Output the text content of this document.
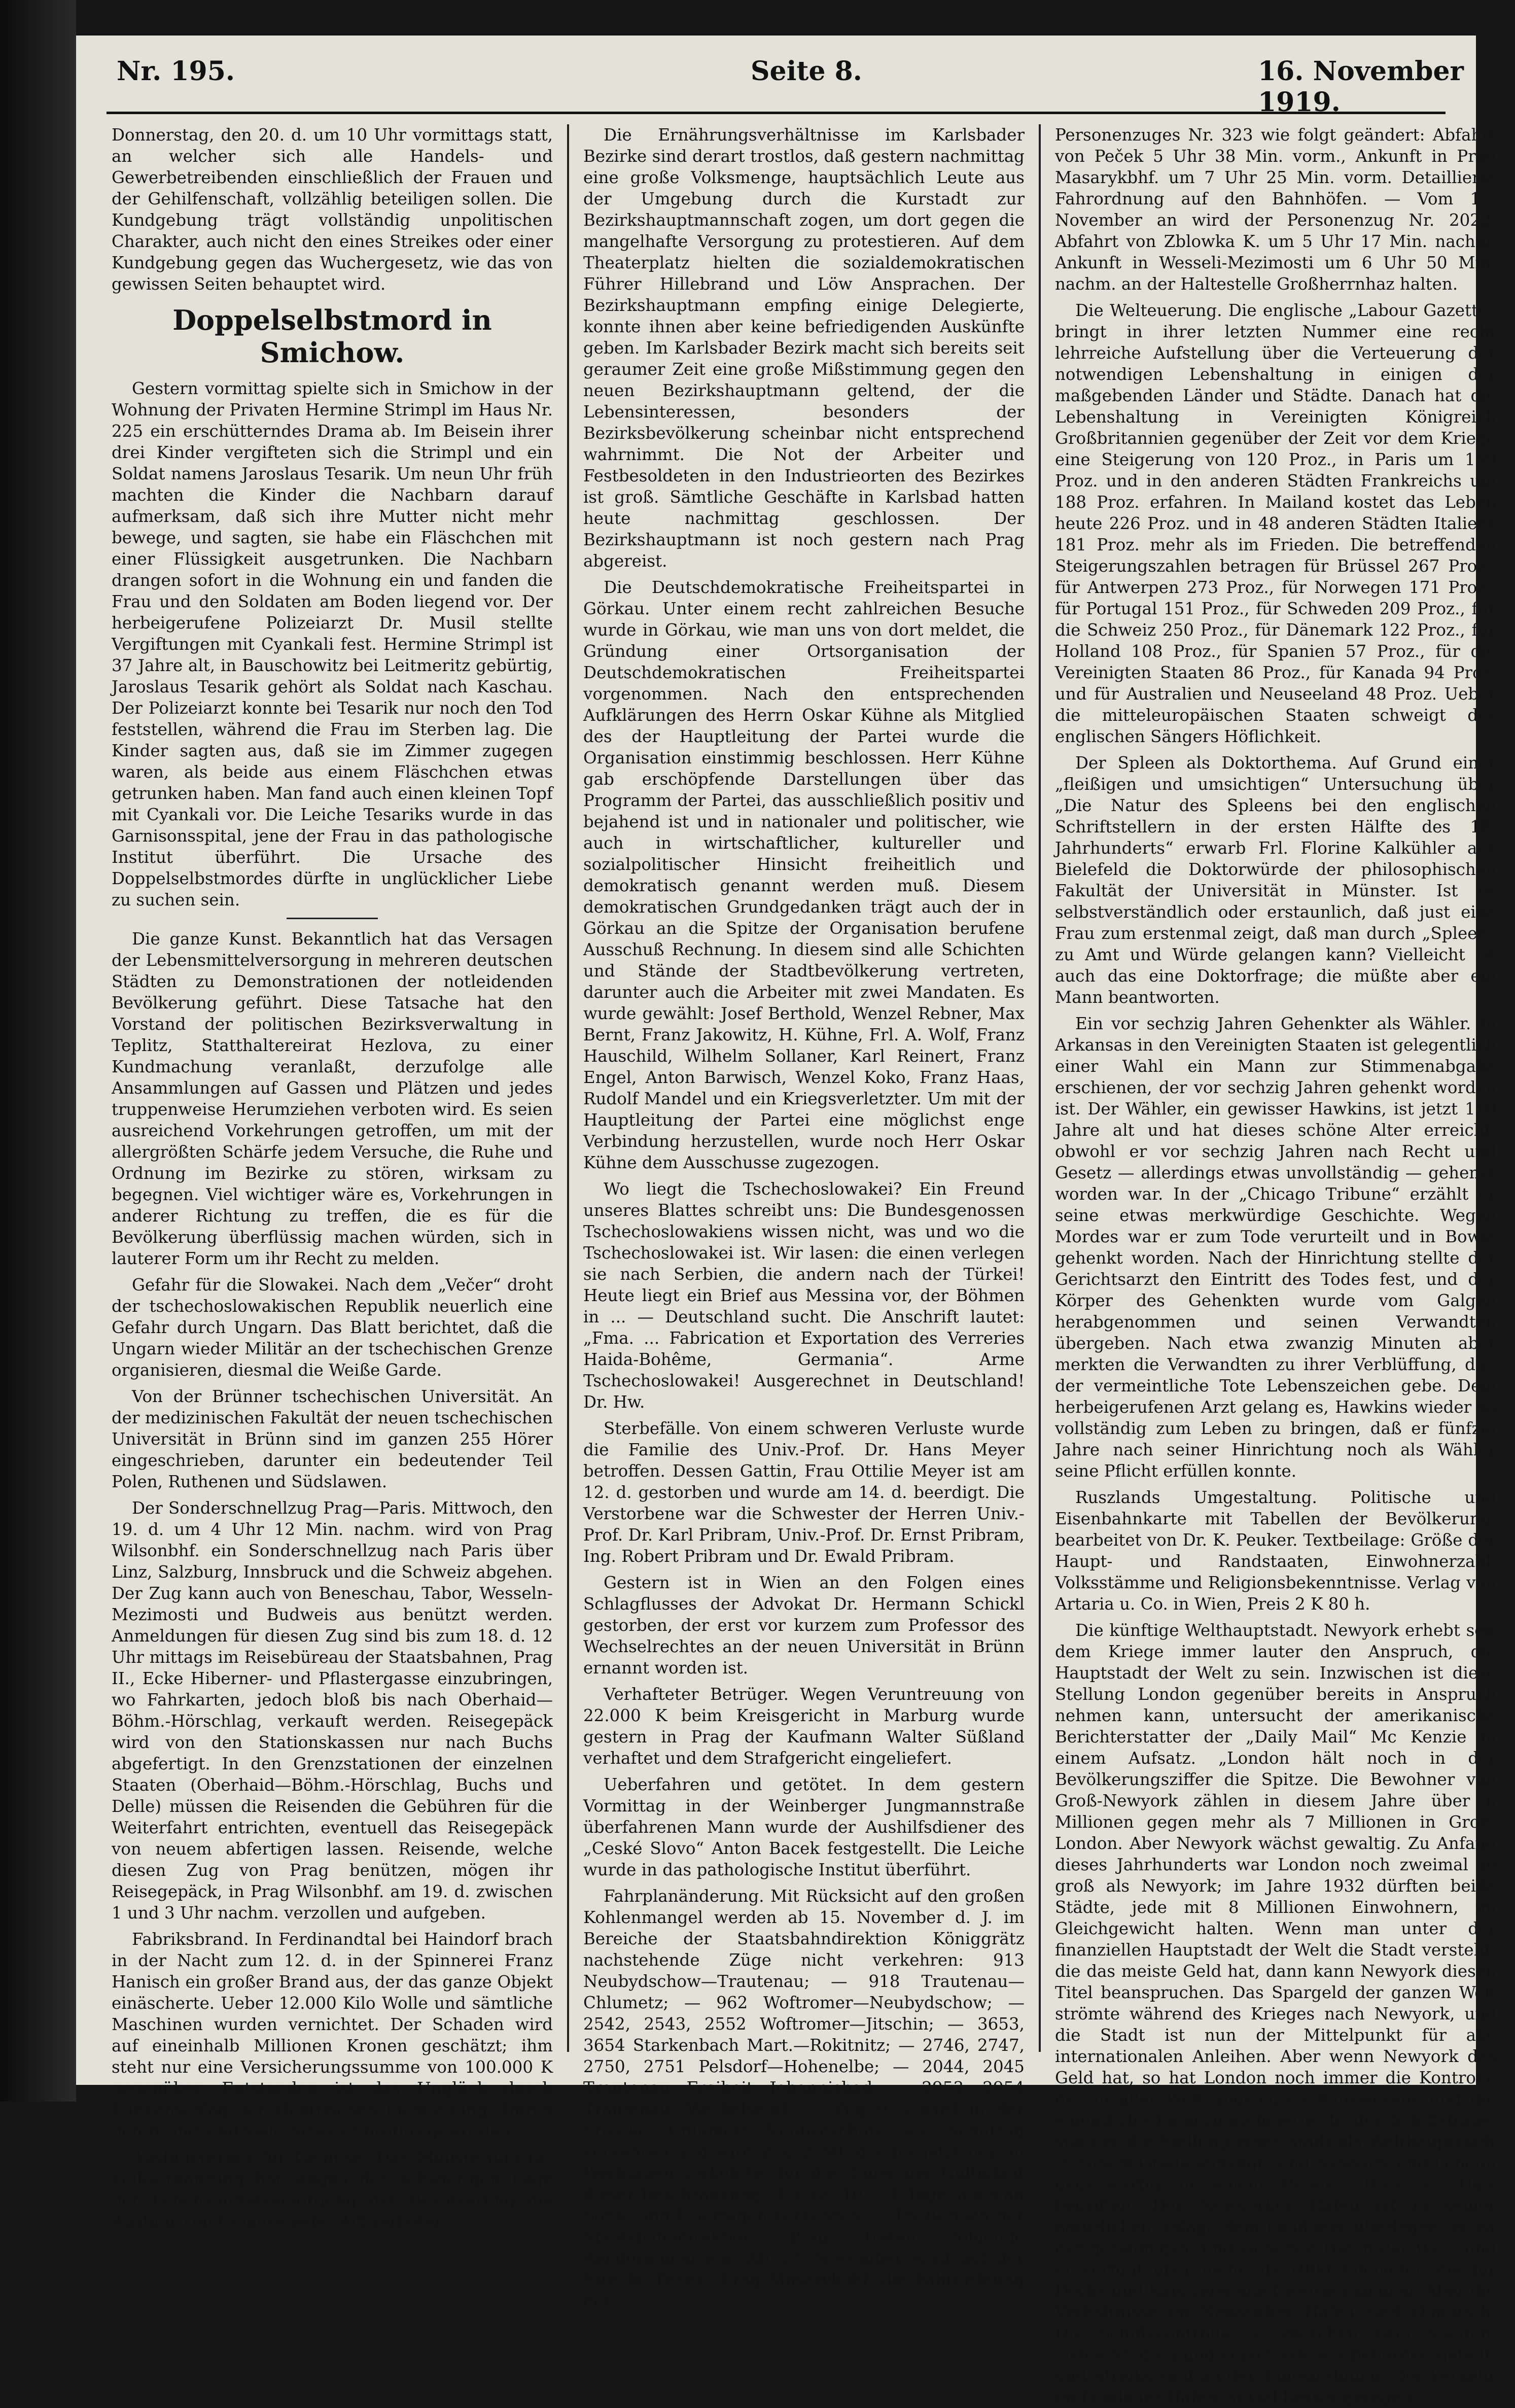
Nr. 195.	Seite 8.	16. November 1919.

Donnerstag, den 20. d. um 10 Uhr vormittags statt, an welcher sich alle Handels- und Gewerbetreibenden einschließlich der Frauen und der Gehilfenschaft, vollzählig beteiligen sollen. Die Kundgebung trägt vollständig unpolitischen Charakter, auch nicht den eines Streikes oder einer Kundgebung gegen das Wuchergesetz, wie das von gewissen Seiten behauptet wird.

Doppelselbstmord in Smichow.

Gestern vormittag spielte sich in Smichow in der Wohnung der Privaten Hermine Strimpl im Haus Nr. 225 ein erschütterndes Drama ab. Im Beisein ihrer drei Kinder vergifteten sich die Strimpl und ein Soldat namens Jaroslaus Tesarik. Um neun Uhr früh machten die Kinder die Nachbarn darauf aufmerksam, daß sich ihre Mutter nicht mehr bewege, und sagten, sie habe ein Fläschchen mit einer Flüssigkeit ausgetrunken. Die Nachbarn drangen sofort in die Wohnung ein und fanden die Frau und den Soldaten am Boden liegend vor. Der herbeigerufene Polizeiarzt Dr. Musil stellte Vergiftungen mit Cyankali fest. Hermine Strimpl ist 37 Jahre alt, in Bauschowitz bei Leitmeritz gebürtig, Jaroslaus Tesarik gehört als Soldat nach Kaschau. Der Polizeiarzt konnte bei Tesarik nur noch den Tod feststellen, während die Frau im Sterben lag. Die Kinder sagten aus, daß sie im Zimmer zugegen waren, als beide aus einem Fläschchen etwas getrunken haben. Man fand auch einen kleinen Topf mit Cyankali vor. Die Leiche Tesariks wurde in das Garnisonsspital, jene der Frau in das pathologische Institut überführt. Die Ursache des Doppelselbstmordes dürfte in unglücklicher Liebe zu suchen sein.

Die ganze Kunst. Bekanntlich hat das Versagen der Lebensmittelversorgung in mehreren deutschen Städten zu Demonstrationen der notleidenden Bevölkerung geführt. Diese Tatsache hat den Vorstand der politischen Bezirksverwaltung in Teplitz, Statthaltereirat Hezlova, zu einer Kundmachung veranlaßt, derzufolge alle Ansammlungen auf Gassen und Plätzen und jedes truppenweise Herumziehen verboten wird. Es seien ausreichend Vorkehrungen getroffen, um mit der allergrößten Schärfe jedem Versuche, die Ruhe und Ordnung im Bezirke zu stören, wirksam zu begegnen. Viel wichtiger wäre es, Vorkehrungen in anderer Richtung zu treffen, die es für die Bevölkerung überflüssig machen würden, sich in lauterer Form um ihr Recht zu melden.

Gefahr für die Slowakei. Nach dem „Večer“ droht der tschechoslowakischen Republik neuerlich eine Gefahr durch Ungarn. Das Blatt berichtet, daß die Ungarn wieder Militär an der tschechischen Grenze organisieren, diesmal die Weiße Garde.

Von der Brünner tschechischen Universität. An der medizinischen Fakultät der neuen tschechischen Universität in Brünn sind im ganzen 255 Hörer eingeschrieben, darunter ein bedeutender Teil Polen, Ruthenen und Südslawen.

Der Sonderschnellzug Prag—Paris. Mittwoch, den 19. d. um 4 Uhr 12 Min. nachm. wird von Prag Wilsonbhf. ein Sonderschnellzug nach Paris über Linz, Salzburg, Innsbruck und die Schweiz abgehen. Der Zug kann auch von Beneschau, Tabor, Wesseln-Mezimosti und Budweis aus benützt werden. Anmeldungen für diesen Zug sind bis zum 18. d. 12 Uhr mittags im Reisebüreau der Staatsbahnen, Prag II., Ecke Hiberner- und Pflastergasse einzubringen, wo Fahrkarten, jedoch bloß bis nach Oberhaid—Böhm.-Hörschlag, verkauft werden. Reisegepäck wird von den Stationskassen nur nach Buchs abgefertigt. In den Grenzstationen der einzelnen Staaten (Oberhaid—Böhm.-Hörschlag, Buchs und Delle) müssen die Reisenden die Gebühren für die Weiterfahrt entrichten, eventuell das Reisegepäck von neuem abfertigen lassen. Reisende, welche diesen Zug von Prag benützen, mögen ihr Reisegepäck, in Prag Wilsonbhf. am 19. d. zwischen 1 und 3 Uhr nachm. verzollen und aufgeben.

Fabriksbrand. In Ferdinandtal bei Haindorf brach in der Nacht zum 12. d. in der Spinnerei Franz Hanisch ein großer Brand aus, der das ganze Objekt einäscherte. Ueber 12.000 Kilo Wolle und sämtliche Maschinen wurden vernichtet. Der Schaden wird auf eineinhalb Millionen Kronen geschätzt; ihm steht nur eine Versicherungssumme von 100.000 K gegenüber. Entstanden ist das Unglück durch Funkenschlag der elektrischen Lichtleitung. Durch den Brand sind viele Arbeiter brotlos geworden.

Ausfuhrverbot für Gemüse. Das Ministerium für Volksernährung hat wegen der schwierigen Lage der Lebensmittelversorgung der Bevölkerung die Ausfuhr von Gemüse jeder Art verboten.

Die Ernährungsverhältnisse im Karlsbader Bezirke sind derart trostlos, daß gestern nachmittag eine große Volksmenge, hauptsächlich Leute aus der Umgebung durch die Kurstadt zur Bezirkshauptmannschaft zogen, um dort gegen die mangelhafte Versorgung zu protestieren. Auf dem Theaterplatz hielten die sozialdemokratischen Führer Hillebrand und Löw Ansprachen. Der Bezirkshauptmann empfing einige Delegierte, konnte ihnen aber keine befriedigenden Auskünfte geben. Im Karlsbader Bezirk macht sich bereits seit geraumer Zeit eine große Mißstimmung gegen den neuen Bezirkshauptmann geltend, der die Lebensinteressen, besonders der Bezirksbevölkerung scheinbar nicht entsprechend wahrnimmt. Die Not der Arbeiter und Festbesoldeten in den Industrieorten des Bezirkes ist groß. Sämtliche Geschäfte in Karlsbad hatten heute nachmittag geschlossen. Der Bezirkshauptmann ist noch gestern nach Prag abgereist.

Die Deutschdemokratische Freiheitspartei in Görkau. Unter einem recht zahlreichen Besuche wurde in Görkau, wie man uns von dort meldet, die Gründung einer Ortsorganisation der Deutschdemokratischen Freiheitspartei vorgenommen. Nach den entsprechenden Aufklärungen des Herrn Oskar Kühne als Mitglied des der Hauptleitung der Partei wurde die Organisation einstimmig beschlossen. Herr Kühne gab erschöpfende Darstellungen über das Programm der Partei, das ausschließlich positiv und bejahend ist und in nationaler und politischer, wie auch in wirtschaftlicher, kultureller und sozialpolitischer Hinsicht freiheitlich und demokratisch genannt werden muß. Diesem demokratischen Grundgedanken trägt auch der in Görkau an die Spitze der Organisation berufene Ausschuß Rechnung. In diesem sind alle Schichten und Stände der Stadtbevölkerung vertreten, darunter auch die Arbeiter mit zwei Mandaten. Es wurde gewählt: Josef Berthold, Wenzel Rebner, Max Bernt, Franz Jakowitz, H. Kühne, Frl. A. Wolf, Franz Hauschild, Wilhelm Sollaner, Karl Reinert, Franz Engel, Anton Barwisch, Wenzel Koko, Franz Haas, Rudolf Mandel und ein Kriegsverletzter. Um mit der Hauptleitung der Partei eine möglichst enge Verbindung herzustellen, wurde noch Herr Oskar Kühne dem Ausschusse zugezogen.

Wo liegt die Tschechoslowakei? Ein Freund unseres Blattes schreibt uns: Die Bundesgenossen Tschechoslowakiens wissen nicht, was und wo die Tschechoslowakei ist. Wir lasen: die einen verlegen sie nach Serbien, die andern nach der Türkei! Heute liegt ein Brief aus Messina vor, der Böhmen in ... — Deutschland sucht. Die Anschrift lautet: „Fma. ... Fabrication et Exportation des Verreries Haida-Bohême, Germania“. Arme Tschechoslowakei! Ausgerechnet in Deutschland! Dr. Hw.

Sterbefälle. Von einem schweren Verluste wurde die Familie des Univ.-Prof. Dr. Hans Meyer betroffen. Dessen Gattin, Frau Ottilie Meyer ist am 12. d. gestorben und wurde am 14. d. beerdigt. Die Verstorbene war die Schwester der Herren Univ.-Prof. Dr. Karl Pribram, Univ.-Prof. Dr. Ernst Pribram, Ing. Robert Pribram und Dr. Ewald Pribram.

Gestern ist in Wien an den Folgen eines Schlagflusses der Advokat Dr. Hermann Schickl gestorben, der erst vor kurzem zum Professor des Wechselrechtes an der neuen Universität in Brünn ernannt worden ist.

Verhafteter Betrüger. Wegen Veruntreuung von 22.000 K beim Kreisgericht in Marburg wurde gestern in Prag der Kaufmann Walter Süßland verhaftet und dem Strafgericht eingeliefert.

Ueberfahren und getötet. In dem gestern Vormittag in der Weinberger Jungmannstraße überfahrenen Mann wurde der Aushilfsdiener des „Ceské Slovo“ Anton Bacek festgestellt. Die Leiche wurde in das pathologische Institut überführt.

Fahrplanänderung. Mit Rücksicht auf den großen Kohlenmangel werden ab 15. November d. J. im Bereiche der Staatsbahndirektion Königgrätz nachstehende Züge nicht verkehren: 913 Neubydschow—Trautenau; — 918 Trautenau—Chlumetz; — 962 Woftromer—Neubydschow; — 2542, 2543, 2552 Woftromer—Jitschin; — 3653, 3654 Starkenbach Mart.—Rokitnitz; — 2746, 2747, 2750, 2751 Pelsdorf—Hohenelbe; — 2044, 2045 Trautenau—Freiheit—Johannisbad; — 2953, 2954 Trautenau—Weckelsdorf. — Zug 913 wird in der Strecke Chlumetz—Neubydschow als Schulzug verkehren und wird Zug 2550, der bis jetzt nur an Werktagen verkehrte, für die Dauer der Gültigkeit dieser Beschränkung, d. i. ca. 10—14 Tage, auch an Sonn- und Feiertagen verkehren. — Im Bereich der Staatsbahndirektion Prag treten folgende Aenderungen ein: Ab 17. November wird auf der Strecke Peček—Prag Masarykbhf. die Fahrordnung des

Personenzuges Nr. 323 wie folgt geändert: Abfahrt von Peček 5 Uhr 38 Min. vorm., Ankunft in Prag Masarykbhf. um 7 Uhr 25 Min. vorm. Detaillierte Fahrordnung auf den Bahnhöfen. — Vom 17. November an wird der Personenzug Nr. 2022, Abfahrt von Zblowka K. um 5 Uhr 17 Min. nachm. Ankunft in Wesseli-Mezimosti um 6 Uhr 50 Min. nachm. an der Haltestelle Großherrnhaz halten.

Die Welteuerung. Die englische „Labour Gazette“ bringt in ihrer letzten Nummer eine recht lehrreiche Aufstellung über die Verteuerung der notwendigen Lebenshaltung in einigen der maßgebenden Länder und Städte. Danach hat die Lebenshaltung in Vereinigten Königreich Großbritannien gegenüber der Zeit vor dem Kriege eine Steigerung von 120 Proz., in Paris um 159 Proz. und in den anderen Städten Frankreichs um 188 Proz. erfahren. In Mailand kostet das Leben heute 226 Proz. und in 48 anderen Städten Italiens 181 Proz. mehr als im Frieden. Die betreffenden Steigerungszahlen betragen für Brüssel 267 Proz., für Antwerpen 273 Proz., für Norwegen 171 Proz., für Portugal 151 Proz., für Schweden 209 Proz., für die Schweiz 250 Proz., für Dänemark 122 Proz., für Holland 108 Proz., für Spanien 57 Proz., für die Vereinigten Staaten 86 Proz., für Kanada 94 Proz. und für Australien und Neuseeland 48 Proz. Ueber die mitteleuropäischen Staaten schweigt des englischen Sängers Höflichkeit.

Der Spleen als Doktorthema. Auf Grund einer „fleißigen und umsichtigen“ Untersuchung über „Die Natur des Spleens bei den englischen Schriftstellern in der ersten Hälfte des 18. Jahrhunderts“ erwarb Frl. Florine Kalkühler aus Bielefeld die Doktorwürde der philosophischen Fakultät der Universität in Münster. Ist es selbstverständlich oder erstaunlich, daß just eine Frau zum erstenmal zeigt, daß man durch „Spleen“ zu Amt und Würde gelangen kann? Vielleicht ist auch das eine Doktorfrage; die müßte aber ein Mann beantworten.

Ein vor sechzig Jahren Gehenkter als Wähler. In Arkansas in den Vereinigten Staaten ist gelegentlich einer Wahl ein Mann zur Stimmenabgabe erschienen, der vor sechzig Jahren gehenkt worden ist. Der Wähler, ein gewisser Hawkins, ist jetzt 110 Jahre alt und hat dieses schöne Alter erreicht, obwohl er vor sechzig Jahren nach Recht und Gesetz — allerdings etwas unvollständig — gehenkt worden war. In der „Chicago Tribune“ erzählt er seine etwas merkwürdige Geschichte. Wegen Mordes war er zum Tode verurteilt und in Bowie gehenkt worden. Nach der Hinrichtung stellte der Gerichtsarzt den Eintritt des Todes fest, und der Körper des Gehenkten wurde vom Galgen herabgenommen und seinen Verwandten übergeben. Nach etwa zwanzig Minuten aber merkten die Verwandten zu ihrer Verblüffung, daß der vermeintliche Tote Lebenszeichen gebe. Dem herbeigerufenen Arzt gelang es, Hawkins wieder so vollständig zum Leben zu bringen, daß er fünfzig Jahre nach seiner Hinrichtung noch als Wähler seine Pflicht erfüllen konnte.

Ruszlands Umgestaltung. Politische und Eisenbahnkarte mit Tabellen der Bevölkerung, bearbeitet von Dr. K. Peuker. Textbeilage: Größe der Haupt- und Randstaaten, Einwohnerzahl, Volksstämme und Religionsbekenntnisse. Verlag von Artaria u. Co. in Wien, Preis 2 K 80 h.

Die künftige Welthauptstadt. Newyork erhebt seit dem Kriege immer lauter den Anspruch, die Hauptstadt der Welt zu sein. Inzwischen ist diese Stellung London gegenüber bereits in Anspruch nehmen kann, untersucht der amerikanische Berichterstatter der „Daily Mail“ Mc Kenzie in einem Aufsatz. „London hält noch in der Bevölkerungsziffer die Spitze. Die Bewohner von Groß-Newyork zählen in diesem Jahre über 6 Millionen gegen mehr als 7 Millionen in Groß-London. Aber Newyork wächst gewaltig. Zu Anfang dieses Jahrhunderts war London noch zweimal so groß als Newyork; im Jahre 1932 dürften beide Städte, jede mit 8 Millionen Einwohnern, im Gleichgewicht halten. Wenn man unter der finanziellen Hauptstadt der Welt die Stadt versteht, die das meiste Geld hat, dann kann Newyork diesen Titel beanspruchen. Das Spargeld der ganzen Welt strömte während des Krieges nach Newyork, und die Stadt ist nun der Mittelpunkt für alle internationalen Anleihen. Aber wenn Newyork das Geld hat, so hat London noch immer die Kontrolle des in aller Welt angelegten Bankwesens und die eigentliche Finanzmaschinerie. In der Schiffsfrage, von der die Stellung einer Stadt als Welthauptstadt in hohem Grade abhängt, sind Newyork und London gegenwärtig in einem Rennen Hals an Hals begriffen. Der Newyorker Hafen ist in seiner natürlichen Anlage dem Londoner überlegen; er ist der geräumigste und sicherste Hafen der Welt, und er verfügt über mehr als 1000 Kilometer, die für Docks und Kais verwendet werden können. Aber die Verhältnisse im Newyorker Hafen sind chaotisch. Die Schiffskontrolle ist zwischen zwei Staaten, vielen Städten und verschiedenen Behörden geteilt, und Streiks sind an der Tagesordnung. Der Verkehr im Londoner Hafen ist viel besser geregelt.
